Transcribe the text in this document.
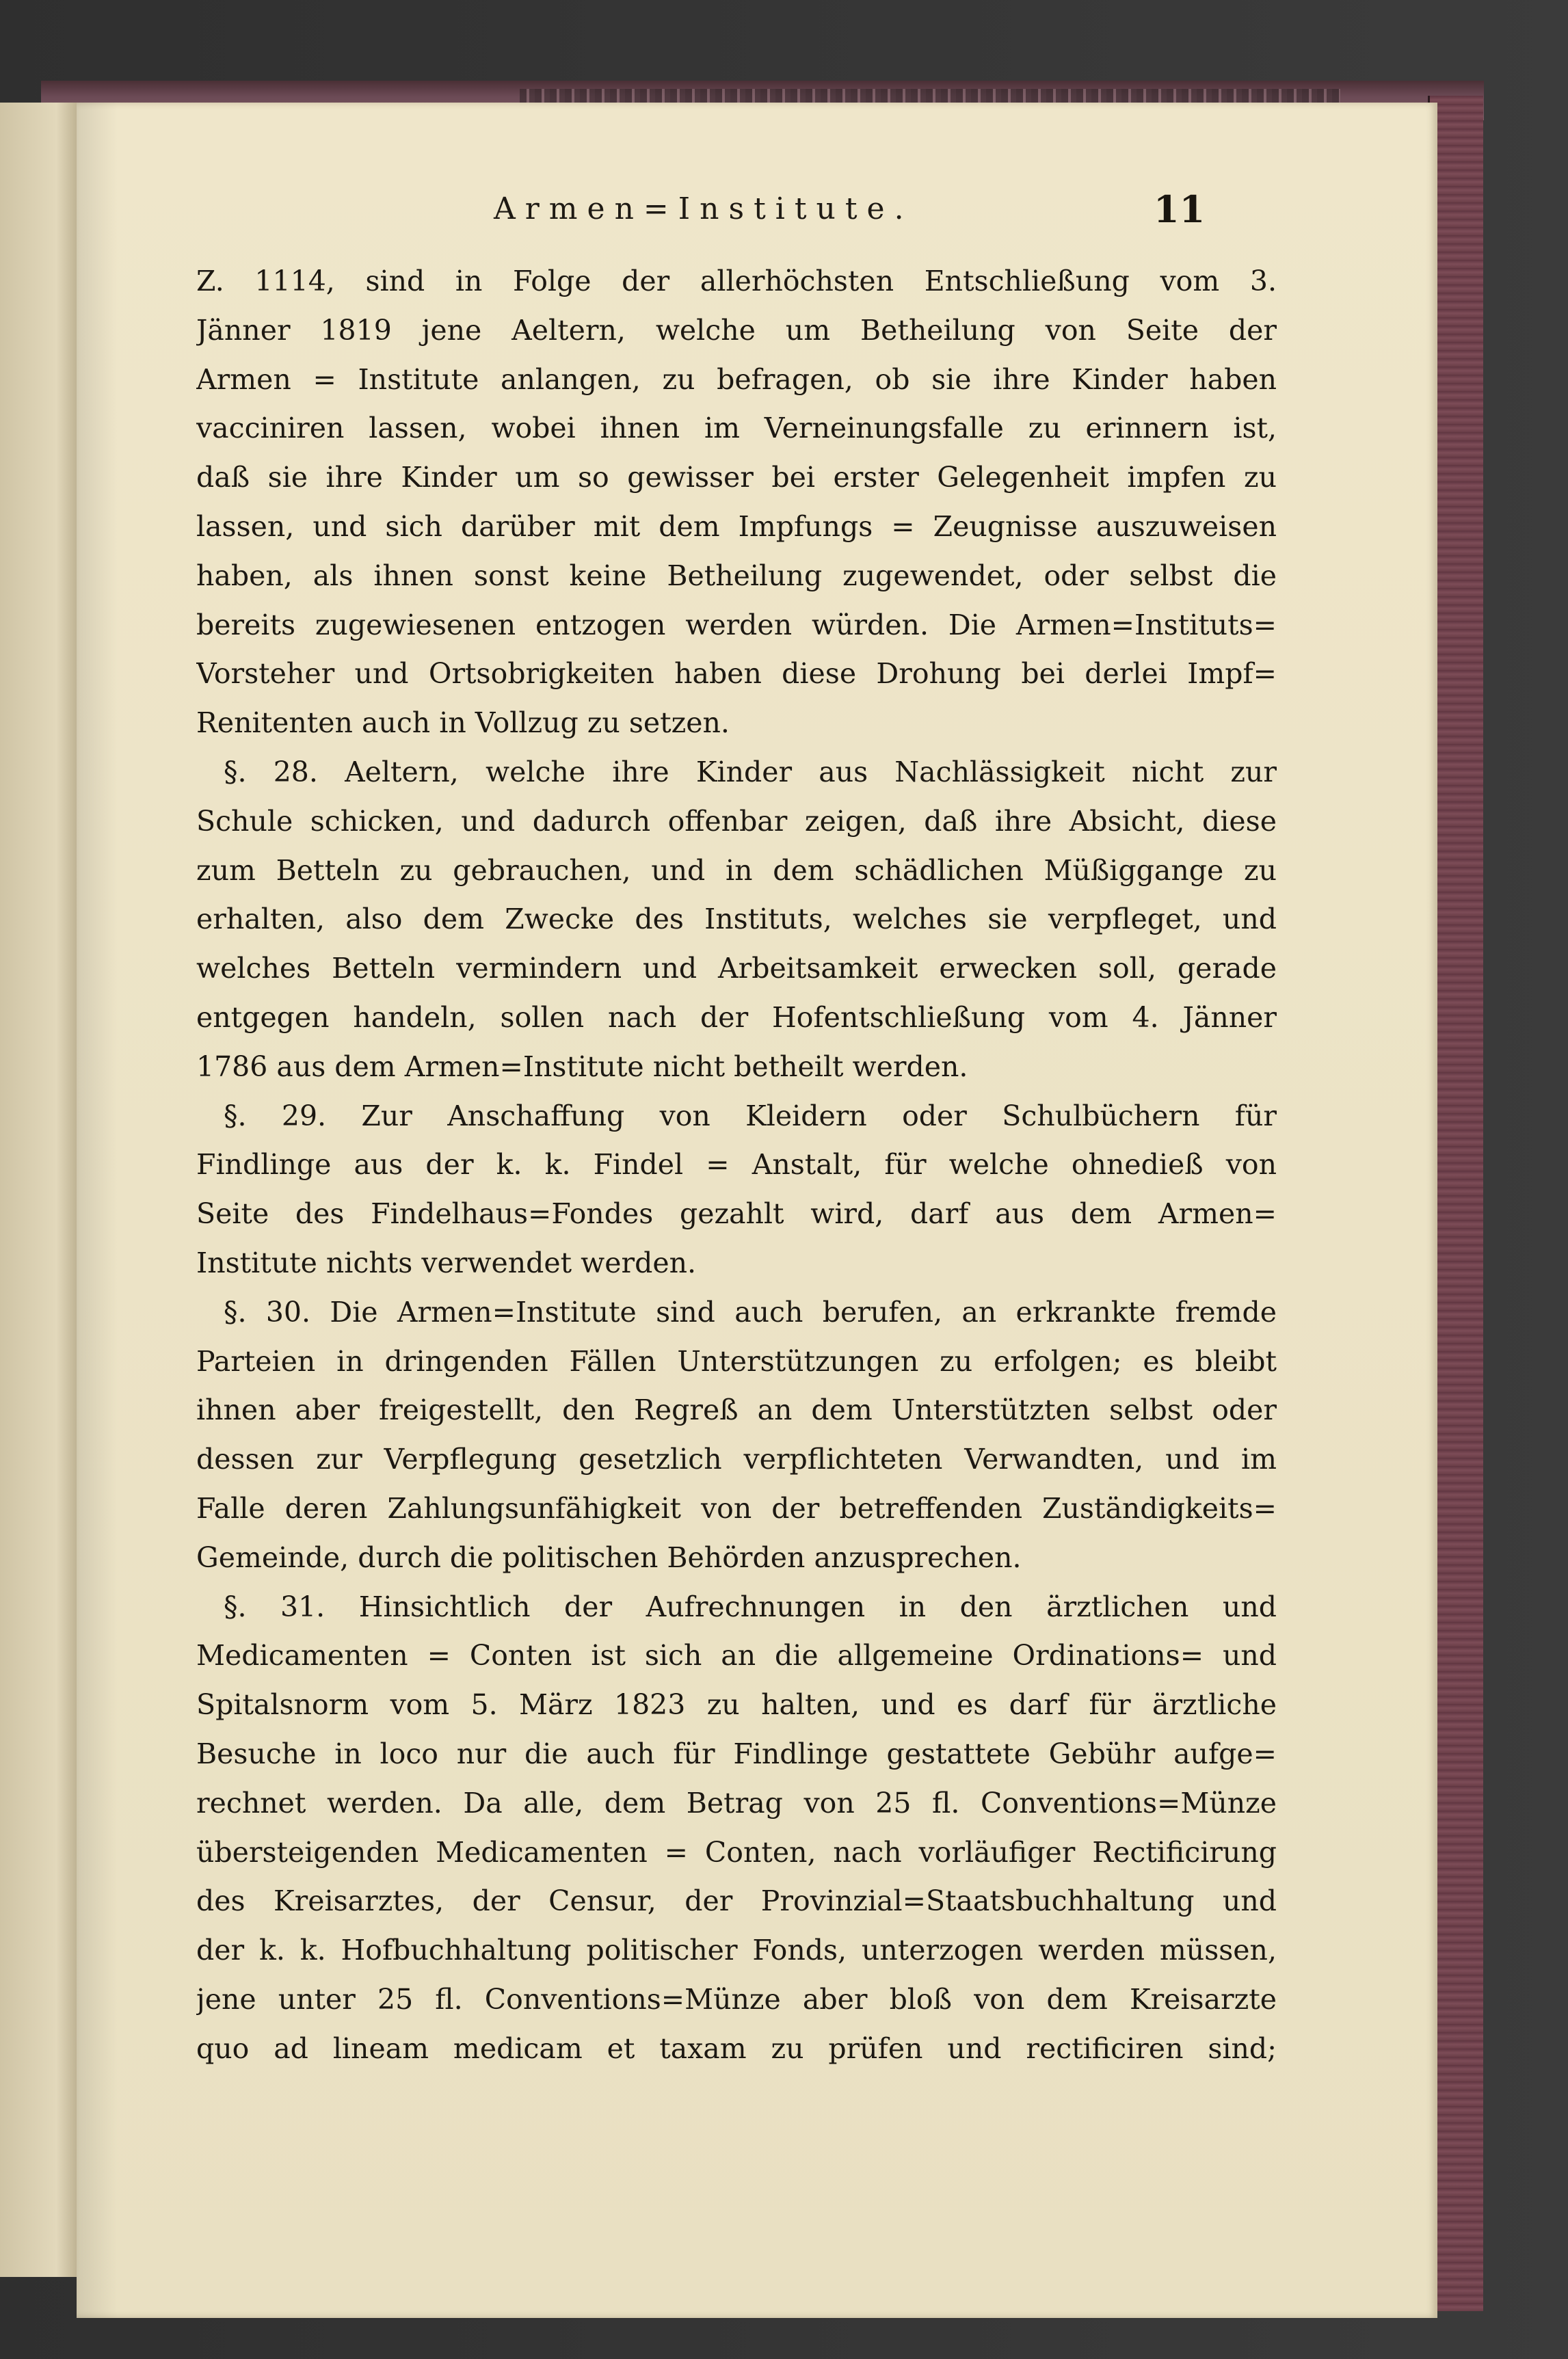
Armen=Institute.	11
Z. 1114, sind in Folge der allerhöchsten Entschließung vom 3.
Jänner 1819 jene Aeltern, welche um Betheilung von Seite der
Armen = Institute anlangen, zu befragen, ob sie ihre Kinder haben
vacciniren lassen, wobei ihnen im Verneinungsfalle zu erinnern ist,
daß sie ihre Kinder um so gewisser bei erster Gelegenheit impfen zu
lassen, und sich darüber mit dem Impfungs = Zeugnisse auszuweisen
haben, als ihnen sonst keine Betheilung zugewendet, oder selbst die
bereits zugewiesenen entzogen werden würden. Die Armen=Instituts=
Vorsteher und Ortsobrigkeiten haben diese Drohung bei derlei Impf=
Renitenten auch in Vollzug zu setzen.
§. 28. Aeltern, welche ihre Kinder aus Nachlässigkeit nicht zur
Schule schicken, und dadurch offenbar zeigen, daß ihre Absicht, diese
zum Betteln zu gebrauchen, und in dem schädlichen Müßiggange zu
erhalten, also dem Zwecke des Instituts, welches sie verpfleget, und
welches Betteln vermindern und Arbeitsamkeit erwecken soll, gerade
entgegen handeln, sollen nach der Hofentschließung vom 4. Jänner
1786 aus dem Armen=Institute nicht betheilt werden.
§. 29. Zur Anschaffung von Kleidern oder Schulbüchern für
Findlinge aus der k. k. Findel = Anstalt, für welche ohnedieß von
Seite des Findelhaus=Fondes gezahlt wird, darf aus dem Armen=
Institute nichts verwendet werden.
§. 30. Die Armen=Institute sind auch berufen, an erkrankte fremde
Parteien in dringenden Fällen Unterstützungen zu erfolgen; es bleibt
ihnen aber freigestellt, den Regreß an dem Unterstützten selbst oder
dessen zur Verpflegung gesetzlich verpflichteten Verwandten, und im
Falle deren Zahlungsunfähigkeit von der betreffenden Zuständigkeits=
Gemeinde, durch die politischen Behörden anzusprechen.
§. 31. Hinsichtlich der Aufrechnungen in den ärztlichen und
Medicamenten = Conten ist sich an die allgemeine Ordinations= und
Spitalsnorm vom 5. März 1823 zu halten, und es darf für ärztliche
Besuche in loco nur die auch für Findlinge gestattete Gebühr aufge=
rechnet werden. Da alle, dem Betrag von 25 fl. Conventions=Münze
übersteigenden Medicamenten = Conten, nach vorläufiger Rectificirung
des Kreisarztes, der Censur, der Provinzial=Staatsbuchhaltung und
der k. k. Hofbuchhaltung politischer Fonds, unterzogen werden müssen,
jene unter 25 fl. Conventions=Münze aber bloß von dem Kreisarzte
quo ad lineam medicam et taxam zu prüfen und rectificiren sind;
